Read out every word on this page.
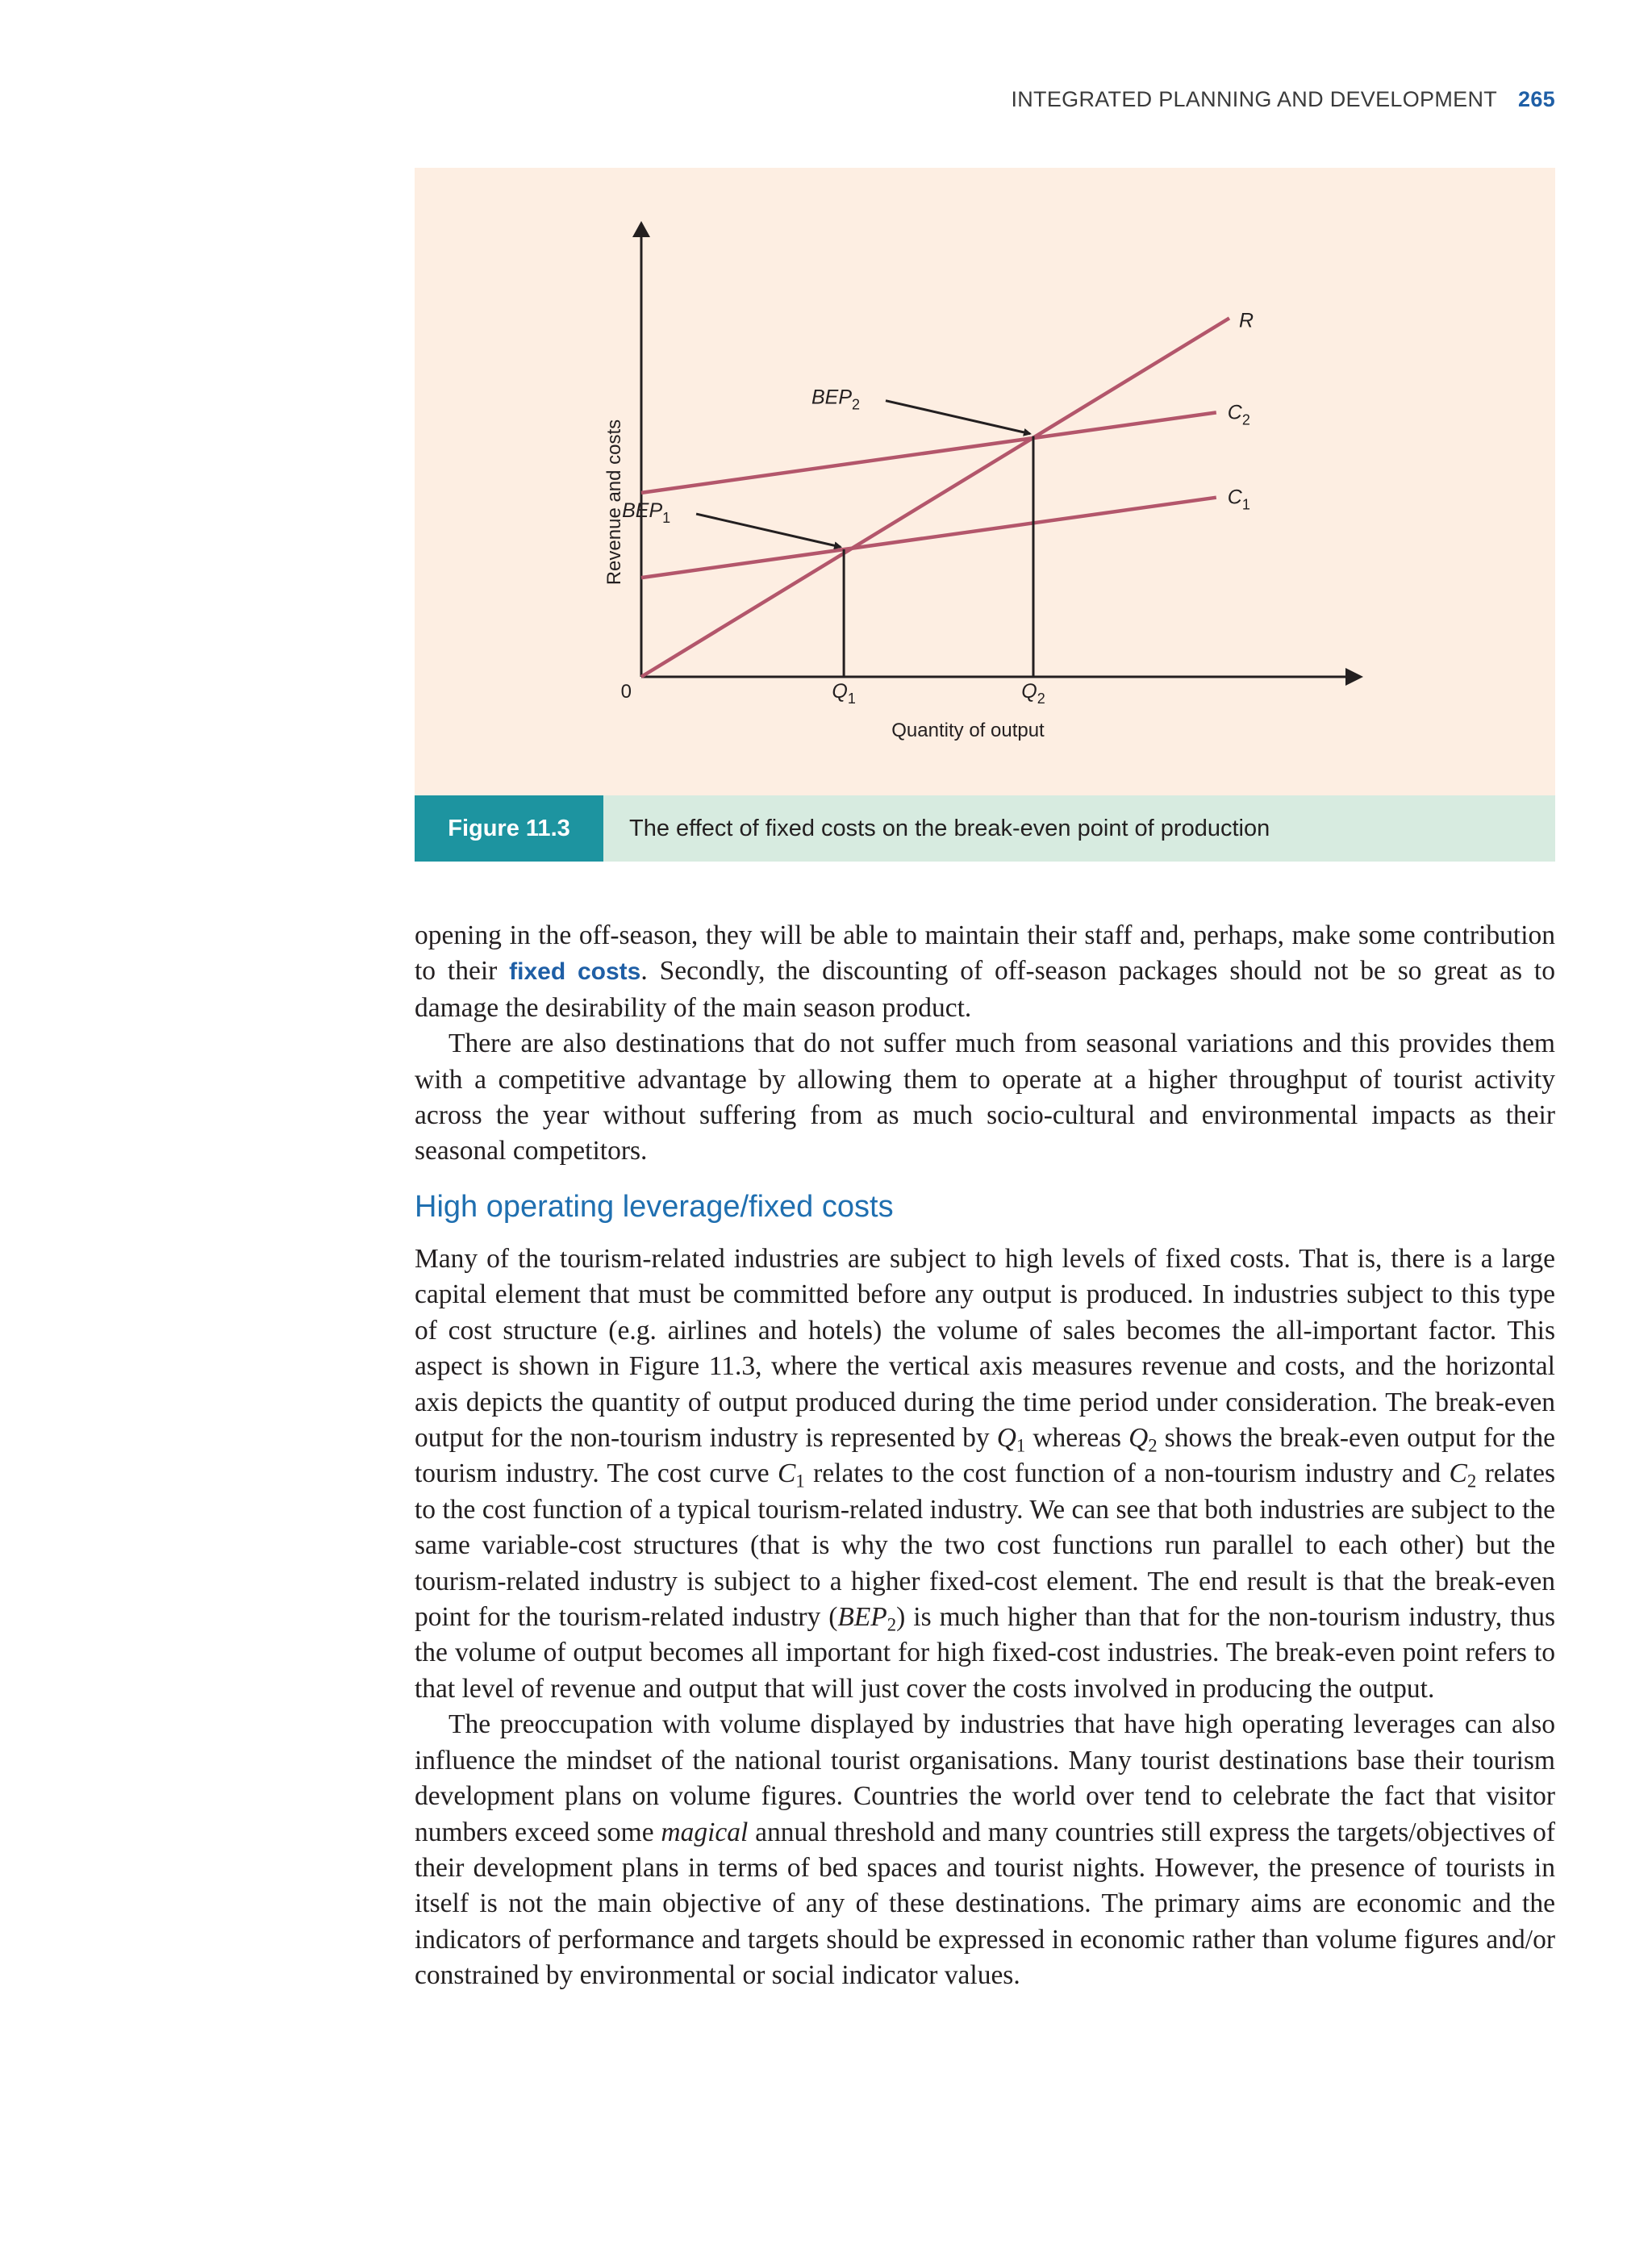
INTEGRATED PLANNING AND DEVELOPMENT 265
0
Quantity of output
Revenue and costs
R
$C_1$
$C_2$
$Q_1$
$BEP_1$
$Q_2$
$BEP_2$
Figure 11.3	The effect of fixed costs on the break-even point of production

opening in the off-season, they will be able to maintain their staff and, perhaps, make some contribution to their fixed costs. Secondly, the discounting of off-season packages should not be so great as to damage the desirability of the main season product.

There are also destinations that do not suffer much from seasonal variations and this provides them with a competitive advantage by allowing them to operate at a higher throughput of tourist activity across the year without suffering from as much socio-cultural and environmental impacts as their seasonal competitors.

High operating leverage/fixed costs

Many of the tourism-related industries are subject to high levels of fixed costs. That is, there is a large capital element that must be committed before any output is produced. In industries subject to this type of cost structure (e.g. airlines and hotels) the volume of sales becomes the all-important factor. This aspect is shown in Figure 11.3, where the vertical axis measures revenue and costs, and the horizontal axis depicts the quantity of output produced during the time period under consideration. The break-even output for the non-tourism industry is represented by $Q_1$ whereas $Q_2$ shows the break-even output for the tourism industry. The cost curve $C_1$ relates to the cost function of a non-tourism industry and $C_2$ relates to the cost function of a typical tourism-related industry. We can see that both industries are subject to the same variable-cost structures (that is why the two cost functions run parallel to each other) but the tourism-related industry is subject to a higher fixed-cost element. The end result is that the break-even point for the tourism-related industry $(BEP_2)$ is much higher than that for the non-tourism industry, thus the volume of output becomes all important for high fixed-cost industries. The break-even point refers to that level of revenue and output that will just cover the costs involved in producing the output.

The preoccupation with volume displayed by industries that have high operating leverages can also influence the mindset of the national tourist organisations. Many tourist destinations base their tourism development plans on volume figures. Countries the world over tend to celebrate the fact that visitor numbers exceed some magical annual threshold and many countries still express the targets/objectives of their development plans in terms of bed spaces and tourist nights. However, the presence of tourists in itself is not the main objective of any of these destinations. The primary aims are economic and the indicators of performance and targets should be expressed in economic rather than volume figures and/or constrained by environmental or social indicator values.
